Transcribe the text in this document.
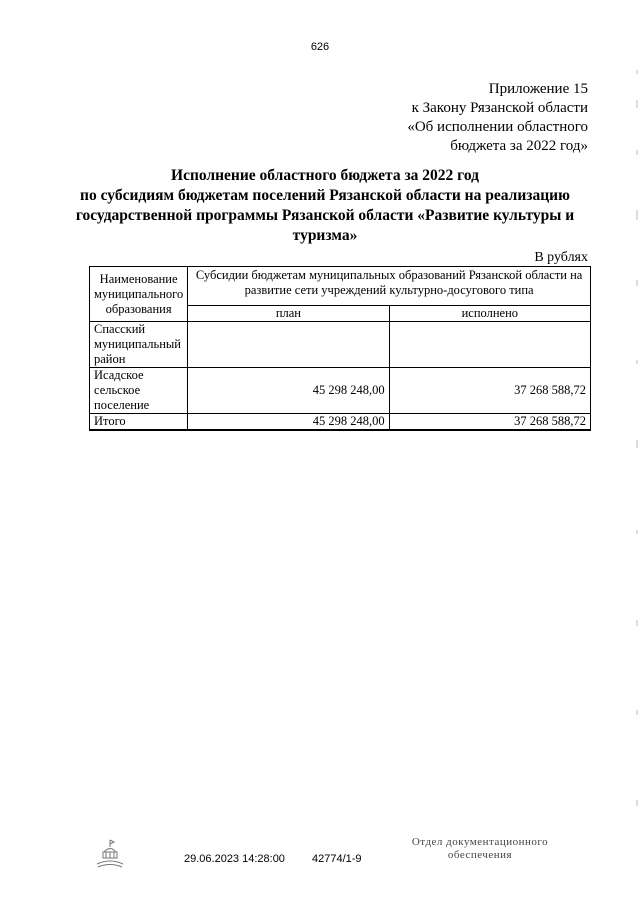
626
Приложение 15
к Закону Рязанской области
«Об исполнении областного
бюджета за 2022 год»
Исполнение областного бюджета за 2022 год
по субсидиям бюджетам поселений Рязанской области на реализацию
государственной программы Рязанской области «Развитие культуры и
туризма»
В рублях
Наименование муниципального образования	Субсидии бюджетам муниципальных образований Рязанской области на развитие сети учреждений культурно-досугового типа	
	план	исполнено
Спасский муниципальный район		
Исадское сельское поселение	45 298 248,00	37 268 588,72
Итого	45 298 248,00	37 268 588,72
29.06.2023 14:28:00 42774/1-9
Отдел документационного
обеспечения
